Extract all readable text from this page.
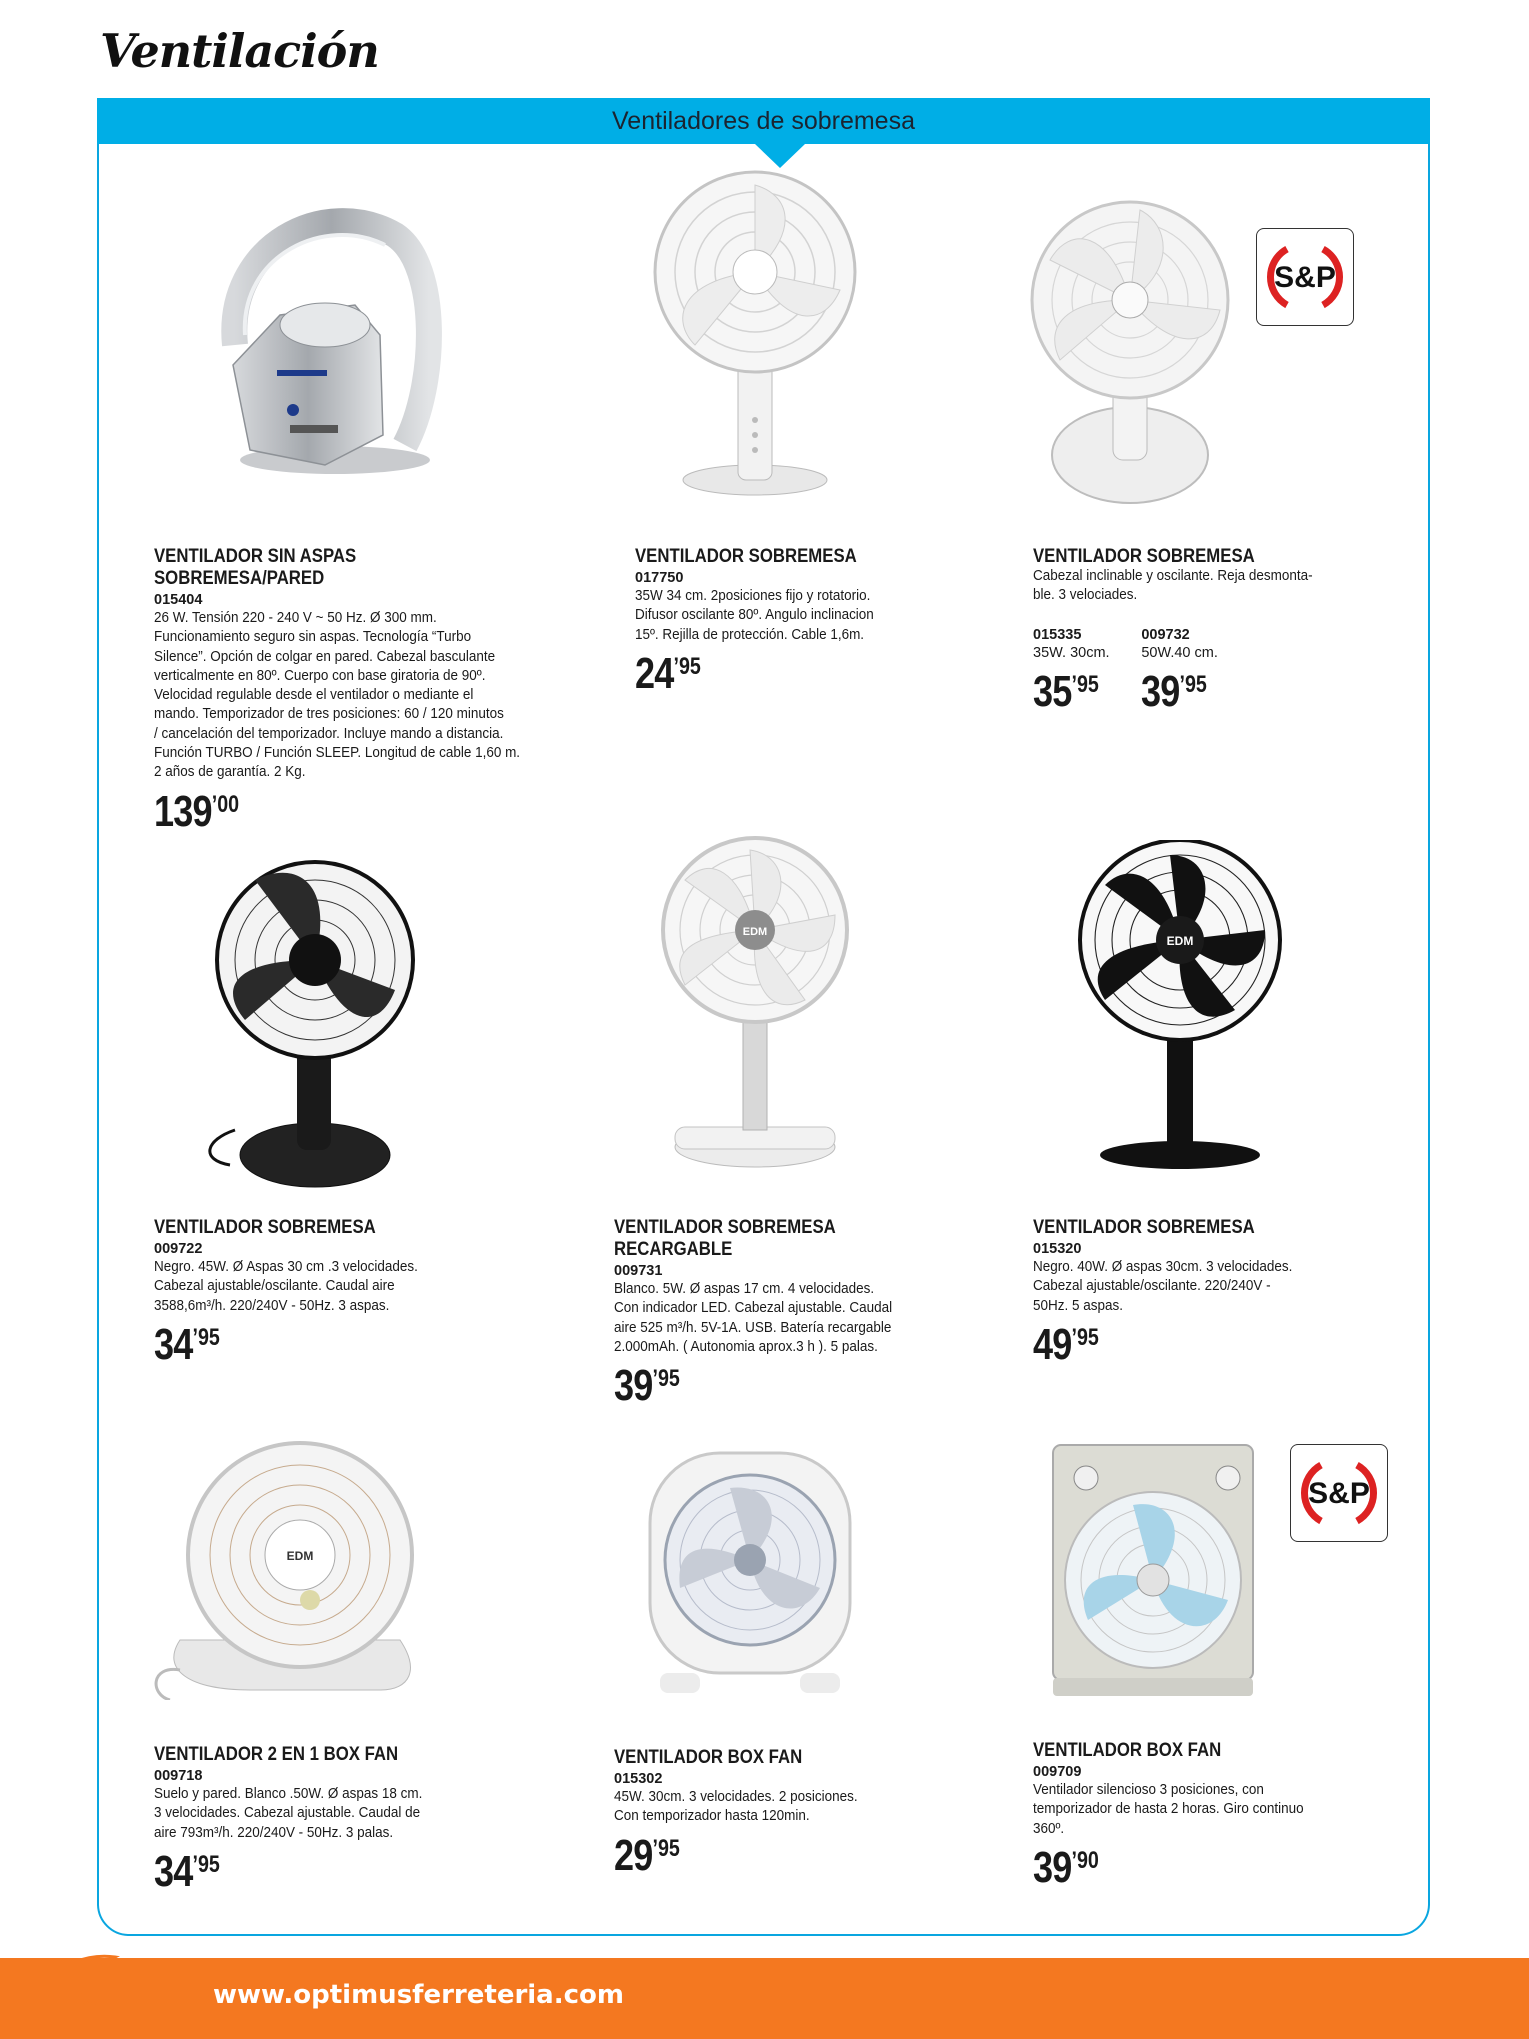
Ventilación
Ventiladores de sobremesa
S&P
VENTILADOR SIN ASPAS SOBREMESA/PARED
015404
26 W. Tensión 220 - 240 V ~ 50 Hz. Ø 300 mm.
Funcionamiento seguro sin aspas. Tecnología “Turbo
Silence”. Opción de colgar en pared. Cabezal basculante
verticalmente en 80º. Cuerpo con base giratoria de 90º.
Velocidad regulable desde el ventilador o mediante el
mando. Temporizador de tres posiciones: 60 / 120 minutos
/ cancelación del temporizador. Incluye mando a distancia.
Función TURBO / Función SLEEP. Longitud de cable 1,60 m.
2 años de garantía. 2 Kg.
139’00
VENTILADOR SOBREMESA
017750
35W 34 cm. 2posiciones fijo y rotatorio.
Difusor oscilante 80º. Angulo inclinacion
15º. Rejilla de protección. Cable 1,6m.
24’95
VENTILADOR SOBREMESA
Cabezal inclinable y oscilante. Reja desmonta-
ble. 3 velociades.
015335
35W. 30cm.
35’95
009732
50W.40 cm.
39’95
EDM
EDM
VENTILADOR SOBREMESA
009722
Negro. 45W. Ø Aspas 30 cm .3 velocidades.
Cabezal ajustable/oscilante. Caudal aire
3588,6m³/h. 220/240V - 50Hz. 3 aspas.
34’95
VENTILADOR SOBREMESA
RECARGABLE
009731
Blanco. 5W. Ø aspas 17 cm. 4 velocidades.
Con indicador LED. Cabezal ajustable. Caudal
aire 525 m³/h. 5V-1A. USB. Batería recargable
2.000mAh. ( Autonomia aprox.3 h ). 5 palas.
39’95
VENTILADOR SOBREMESA
015320
Negro. 40W. Ø aspas 30cm. 3 velocidades.
Cabezal ajustable/oscilante. 220/240V -
50Hz. 5 aspas.
49’95
EDM
S&P
VENTILADOR 2 EN 1 BOX FAN
009718
Suelo y pared. Blanco .50W. Ø aspas 18 cm.
3 velocidades. Cabezal ajustable. Caudal de
aire 793m³/h. 220/240V - 50Hz. 3 palas.
34’95
VENTILADOR BOX FAN
015302
45W. 30cm. 3 velocidades. 2 posiciones.
Con temporizador hasta 120min.
29’95
VENTILADOR BOX FAN
009709
Ventilador silencioso 3 posiciones, con
temporizador de hasta 2 horas. Giro continuo
360º.
39’90
10	www.optimusferreteria.com
